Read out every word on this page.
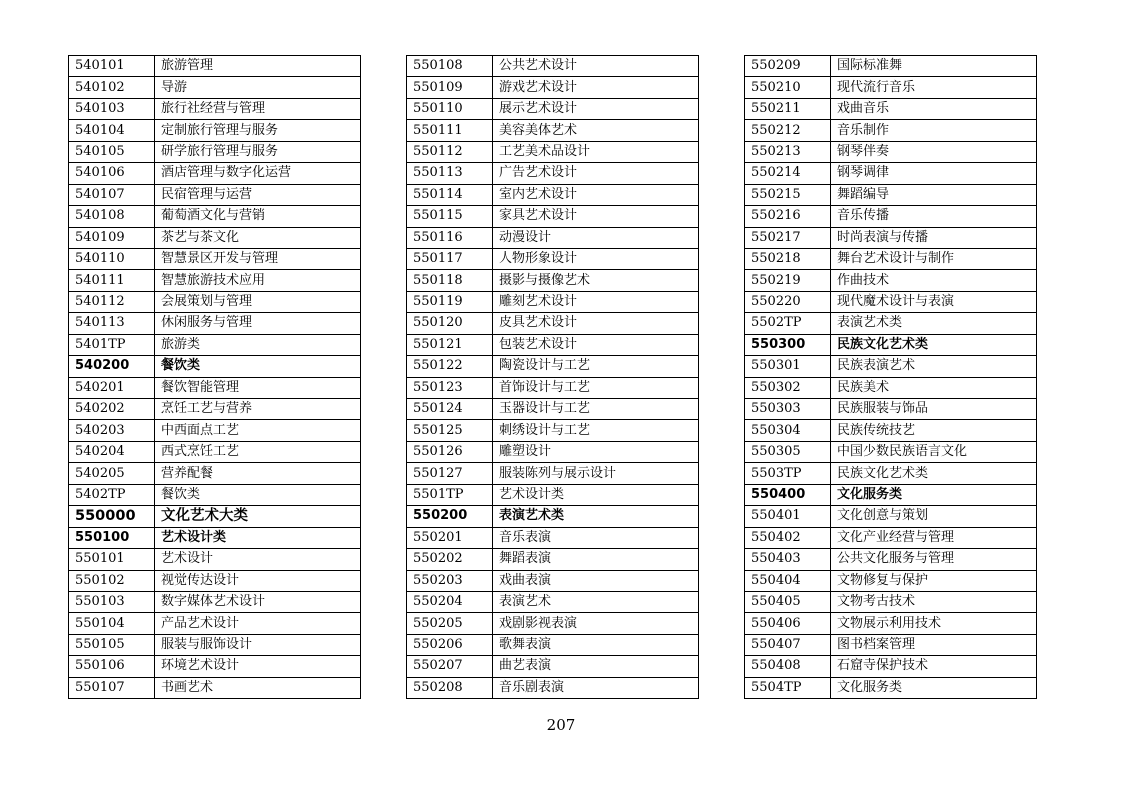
540101	旅游管理
540102	导游
540103	旅行社经营与管理
540104	定制旅行管理与服务
540105	研学旅行管理与服务
540106	酒店管理与数字化运营
540107	民宿管理与运营
540108	葡萄酒文化与营销
540109	茶艺与茶文化
540110	智慧景区开发与管理
540111	智慧旅游技术应用
540112	会展策划与管理
540113	休闲服务与管理
5401TP	旅游类
540200	餐饮类
540201	餐饮智能管理
540202	烹饪工艺与营养
540203	中西面点工艺
540204	西式烹饪工艺
540205	营养配餐
5402TP	餐饮类
550000	文化艺术大类
550100	艺术设计类
550101	艺术设计
550102	视觉传达设计
550103	数字媒体艺术设计
550104	产品艺术设计
550105	服装与服饰设计
550106	环境艺术设计
550107	书画艺术
550108	公共艺术设计
550109	游戏艺术设计
550110	展示艺术设计
550111	美容美体艺术
550112	工艺美术品设计
550113	广告艺术设计
550114	室内艺术设计
550115	家具艺术设计
550116	动漫设计
550117	人物形象设计
550118	摄影与摄像艺术
550119	雕刻艺术设计
550120	皮具艺术设计
550121	包装艺术设计
550122	陶瓷设计与工艺
550123	首饰设计与工艺
550124	玉器设计与工艺
550125	刺绣设计与工艺
550126	雕塑设计
550127	服装陈列与展示设计
5501TP	艺术设计类
550200	表演艺术类
550201	音乐表演
550202	舞蹈表演
550203	戏曲表演
550204	表演艺术
550205	戏剧影视表演
550206	歌舞表演
550207	曲艺表演
550208	音乐剧表演
550209	国际标准舞
550210	现代流行音乐
550211	戏曲音乐
550212	音乐制作
550213	钢琴伴奏
550214	钢琴调律
550215	舞蹈编导
550216	音乐传播
550217	时尚表演与传播
550218	舞台艺术设计与制作
550219	作曲技术
550220	现代魔术设计与表演
5502TP	表演艺术类
550300	民族文化艺术类
550301	民族表演艺术
550302	民族美术
550303	民族服装与饰品
550304	民族传统技艺
550305	中国少数民族语言文化
5503TP	民族文化艺术类
550400	文化服务类
550401	文化创意与策划
550402	文化产业经营与管理
550403	公共文化服务与管理
550404	文物修复与保护
550405	文物考古技术
550406	文物展示利用技术
550407	图书档案管理
550408	石窟寺保护技术
5504TP	文化服务类
207
